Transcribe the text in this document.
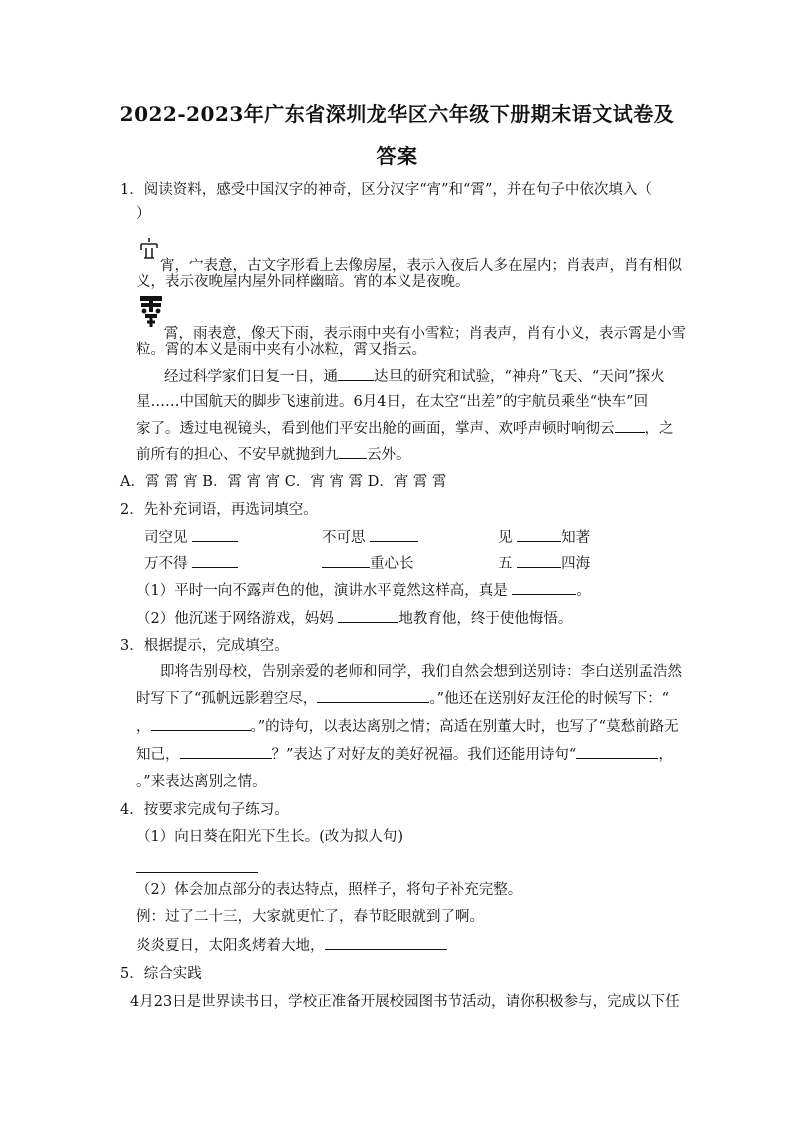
2022-2023年广东省深圳龙华区六年级下册期末语文试卷及
答案
1．阅读资料，感受中国汉字的神奇，区分汉字“宵”和“霄”，并在句子中依次填入（
）
宵，宀表意，古文字形看上去像房屋，表示入夜后人多在屋内；肖表声，肖有相似
义，表示夜晚屋内屋外同样幽暗。宵的本义是夜晚。
霄，雨表意，像天下雨，表示雨中夹有小雪粒；肖表声，肖有小义，表示霄是小雪
粒。霄的本义是雨中夹有小冰粒，霄又指云。
经过科学家们日复一日，通 达旦的研究和试验，“神舟”飞天、“天问”探火
星……中国航天的脚步飞速前进。6月4日，在太空“出差”的宇航员乘坐“快车”回
家了。透过电视镜头，看到他们平安出舱的画面，掌声、欢呼声顿时响彻云 ，之
前所有的担心、不安早就抛到九 云外。
A．霄 霄 宵 B．霄 宵 宵 C．宵 宵 霄 D．宵 霄 霄
2．先补充词语，再选词填空。
司空见	不可思	见	知著
万不得	重心长	五	四海
（1）平时一向不露声色的他，演讲水平竟然这样高，真是	。
（2）他沉迷于网络游戏，妈妈	地教育他，终于使他悔悟。
3．根据提示，完成填空。
即将告别母校，告别亲爱的老师和同学，我们自然会想到送别诗：李白送别孟浩然
时写下了“孤帆远影碧空尽，	。”他还在送别好友汪伦的时候写下：“
，	。”的诗句，以表达离别之情；高适在别董大时，也写了“莫愁前路无
知己，	？”表达了对好友的美好祝福。我们还能用诗句“	，
。”来表达离别之情。
4．按要求完成句子练习。
（1）向日葵在阳光下生长。(改为拟人句)
（2）体会加点部分的表达特点，照样子，将句子补充完整。
例：过了二十三，大家就更忙了，春节眨眼就到了啊。
炎炎夏日，太阳炙烤着大地，
5．综合实践
4月23日是世界读书日，学校正准备开展校园图书节活动，请你积极参与，完成以下任
